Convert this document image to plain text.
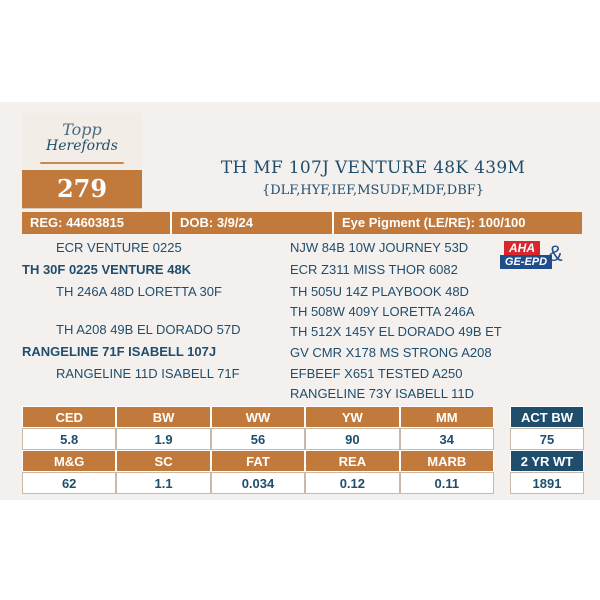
Topp
Herefords
279
TH MF 107J VENTURE 48K 439M
{DLF,HYF,IEF,MSUDF,MDF,DBF}
REG: 44603815	DOB: 3/9/24	Eye Pigment (LE/RE): 100/100
ECR VENTURE 0225
TH 30F 0225 VENTURE 48K
TH 246A 48D LORETTA 30F
TH A208 49B EL DORADO 57D
RANGELINE 71F ISABELL 107J
RANGELINE 11D ISABELL 71F
NJW 84B 10W JOURNEY 53D
ECR Z311 MISS THOR 6082
TH 505U 14Z PLAYBOOK 48D
TH 508W 409Y LORETTA 246A
TH 512X 145Y EL DORADO 49B ET
GV CMR X178 MS STRONG A208
EFBEEF X651 TESTED A250
RANGELINE 73Y ISABELL 11D
AHA
GE-EPD &
CED	BW	WW	YW	MM
5.8	1.9	56	90	34
M&G	SC	FAT	REA	MARB
62	1.1	0.034	0.12	0.11
ACT BW
75
2 YR WT
1891
